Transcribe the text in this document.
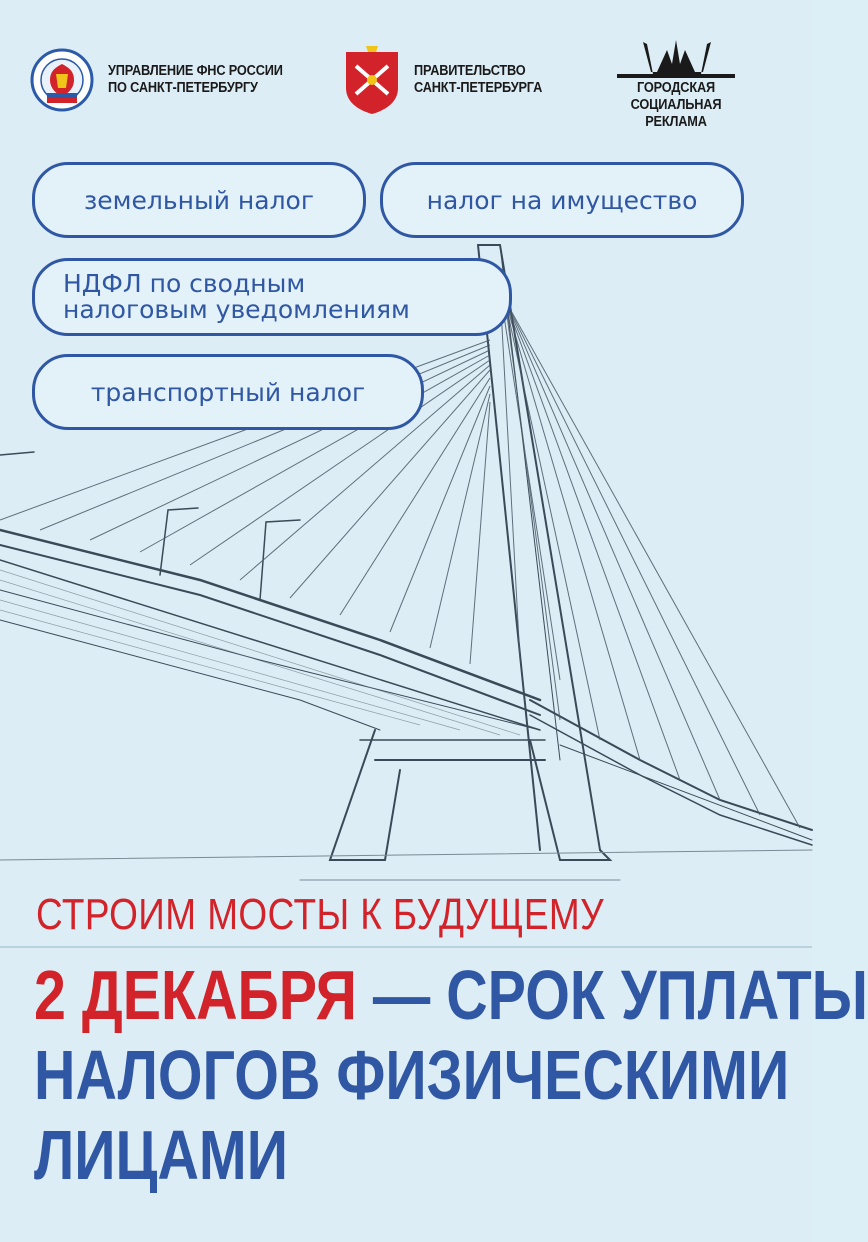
УПРАВЛЕНИЕ ФНС РОССИИ
ПО САНКТ-ПЕТЕРБУРГУ
ПРАВИТЕЛЬСТВО
САНКТ-ПЕТЕРБУРГА	ГОРОДСКАЯ СОЦИАЛЬНАЯ
РЕКЛАМА
земельный налог	налог на имущество
НДФЛ по сводным
налоговым уведомлениям
транспортный налог
СТРОИМ МОСТЫ К БУДУЩЕМУ
2 ДЕКАБРЯ — СРОК УПЛАТЫ
НАЛОГОВ ФИЗИЧЕСКИМИ
ЛИЦАМИ
